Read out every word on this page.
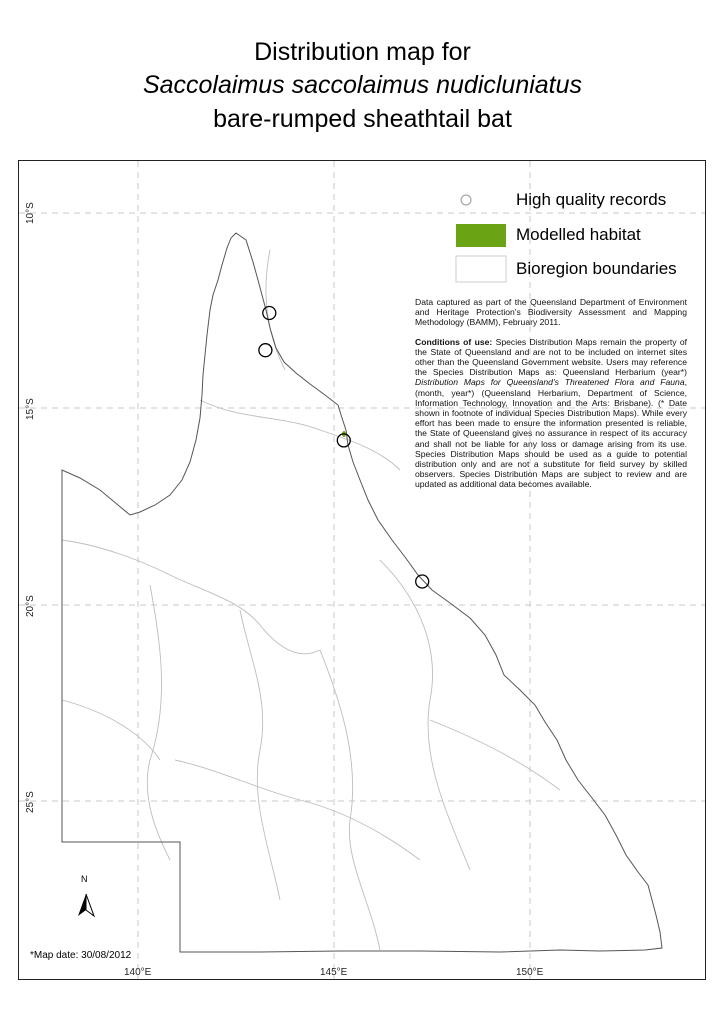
Distribution map for
Saccolaimus saccolaimus nudicluniatus
bare-rumped sheathtail bat
High quality records
Modelled habitat
Bioregion boundaries

Data captured as part of the Queensland Department of Environment and Heritage Protection's Biodiversity Assessment and Mapping Methodology (BAMM), February 2011.

Conditions of use: Species Distribution Maps remain the property of the State of Queensland and are not to be included on internet sites other than the Queensland Government website. Users may reference the Species Distribution Maps as: Queensland Herbarium (year*) Distribution Maps for Queensland's Threatened Flora and Fauna, (month, year*) (Queensland Herbarium, Department of Science, Information Technology, Innovation and the Arts: Brisbane). (* Date shown in footnote of individual Species Distribution Maps). While every effort has been made to ensure the information presented is reliable, the State of Queensland gives no assurance in respect of its accuracy and shall not be liable for any loss or damage arising from its use. Species Distribution Maps should be used as a guide to potential distribution only and are not a substitute for field survey by skilled observers. Species Distribution Maps are subject to review and are updated as additional data becomes available.

N
10°S
15°S
20°S
25°S
140°E	145°E	150°E
*Map date: 30/08/2012
